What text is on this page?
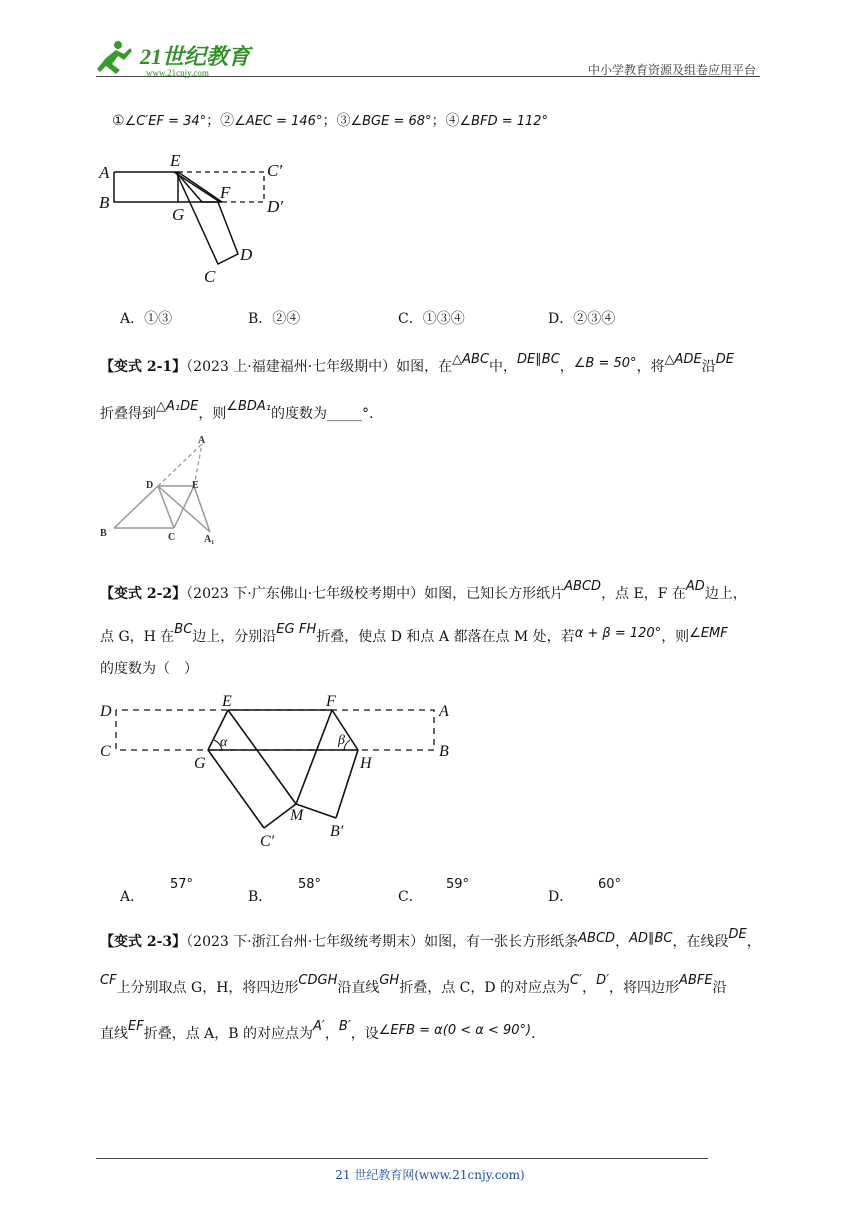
21世纪教育
www.21cnjy.com	中小学教育资源及组卷应用平台
①∠C′EF = 34°；②∠AEC = 146°；③∠BGE = 68°；④∠BFD = 112°
A
B
E
F
G
C′
D′
C
D
A．①③	B．②④	C．①③④	D．②③④
【变式 2-1】（2023 上·福建福州·七年级期中）如图，在△ABC中，DE∥BC，∠B = 50°，将△ADE沿DE
折叠得到△A₁DE，则∠BDA₁的度数为_____°.
A
D	E
B	C	A₁
【变式 2-2】（2023 下·广东佛山·七年级校考期中）如图，已知长方形纸片ABCD，点 E，F 在AD边上，
点 G，H 在BC边上，分别沿EG FH折叠，使点 D 和点 A 都落在点 M 处，若α + β = 120°，则∠EMF
的度数为（　）
D
C
A
B
E	F
G	H
M
C′
B′
α	β
A．
57°
B．
58°
C．
59°
D．
60°
【变式 2-3】（2023 下·浙江台州·七年级统考期末）如图，有一张长方形纸条ABCD，AD∥BC，在线段DE，
CF上分别取点 G，H，将四边形CDGH沿直线GH折叠，点 C，D 的对应点为C′，D′，将四边形ABFE沿
直线EF折叠，点 A，B 的对应点为A′，B′，设∠EFB = α(0 < α < 90°).
21 世纪教育网(www.21cnjy.com)
